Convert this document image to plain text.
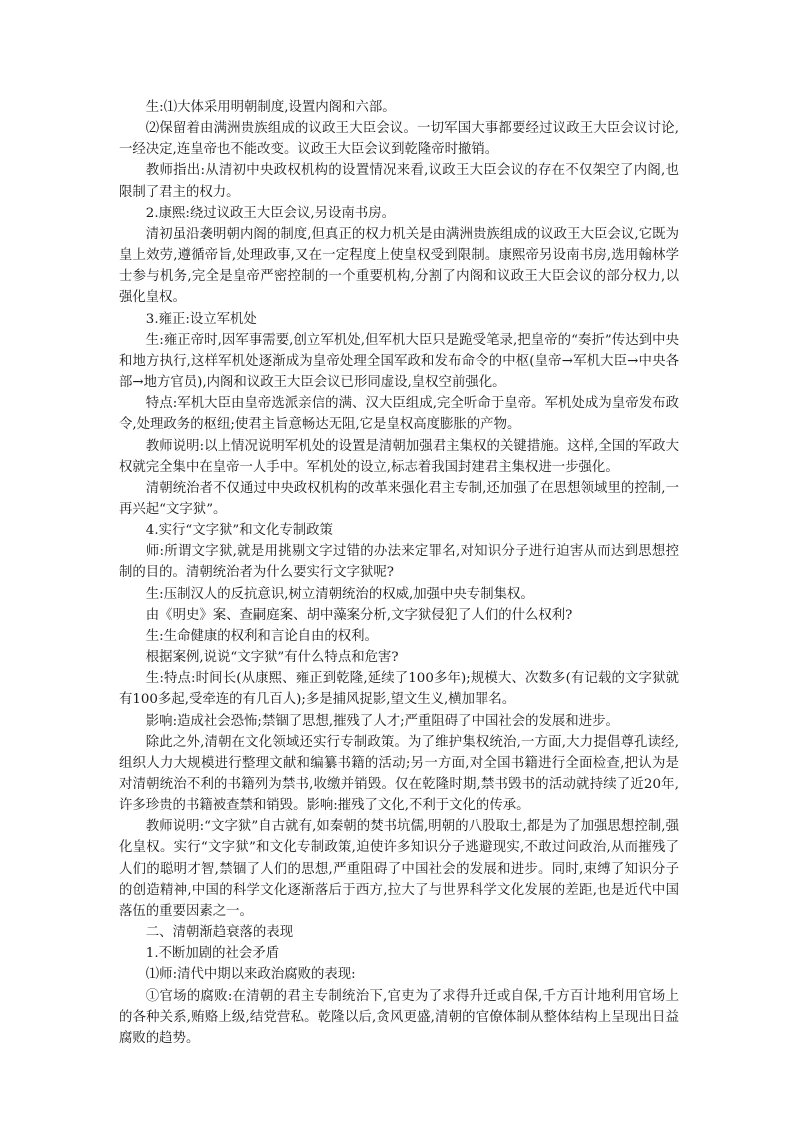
生:⑴大体采用明朝制度,设置内阁和六部。

⑵保留着由满洲贵族组成的议政王大臣会议。一切军国大事都要经过议政王大臣会议讨论,一经决定,连皇帝也不能改变。议政王大臣会议到乾隆帝时撤销。

教师指出:从清初中央政权机构的设置情况来看,议政王大臣会议的存在不仅架空了内阁,也限制了君主的权力。

2.康熙:绕过议政王大臣会议,另设南书房。

清初虽沿袭明朝内阁的制度,但真正的权力机关是由满洲贵族组成的议政王大臣会议,它既为皇上效劳,遵循帝旨,处理政事,又在一定程度上使皇权受到限制。康熙帝另设南书房,选用翰林学士参与机务,完全是皇帝严密控制的一个重要机构,分割了内阁和议政王大臣会议的部分权力,以强化皇权。

3.雍正:设立军机处

生:雍正帝时,因军事需要,创立军机处,但军机大臣只是跪受笔录,把皇帝的“奏折”传达到中央和地方执行,这样军机处逐渐成为皇帝处理全国军政和发布命令的中枢(皇帝→军机大臣→中央各部→地方官员),内阁和议政王大臣会议已形同虚设,皇权空前强化。

特点:军机大臣由皇帝选派亲信的满、汉大臣组成,完全听命于皇帝。军机处成为皇帝发布政令,处理政务的枢纽;使君主旨意畅达无阻,它是皇权高度膨胀的产物。

教师说明:以上情况说明军机处的设置是清朝加强君主集权的关键措施。这样,全国的军政大权就完全集中在皇帝一人手中。军机处的设立,标志着我国封建君主集权进一步强化。

清朝统治者不仅通过中央政权机构的改革来强化君主专制,还加强了在思想领域里的控制,一再兴起“文字狱”。

4.实行“文字狱”和文化专制政策

师:所谓文字狱,就是用挑剔文字过错的办法来定罪名,对知识分子进行迫害从而达到思想控制的目的。清朝统治者为什么要实行文字狱呢?

生:压制汉人的反抗意识,树立清朝统治的权威,加强中央专制集权。

由《明史》案、查嗣庭案、胡中藻案分析,文字狱侵犯了人们的什么权利?

生:生命健康的权利和言论自由的权利。

根据案例,说说“文字狱”有什么特点和危害?

生:特点:时间长(从康熙、雍正到乾隆,延续了100多年);规模大、次数多(有记载的文字狱就有100多起,受牵连的有几百人);多是捕风捉影,望文生义,横加罪名。

影响:造成社会恐怖;禁锢了思想,摧残了人才;严重阻碍了中国社会的发展和进步。

除此之外,清朝在文化领域还实行专制政策。为了维护集权统治,一方面,大力提倡尊孔读经,组织人力大规模进行整理文献和编纂书籍的活动;另一方面,对全国书籍进行全面检查,把认为是对清朝统治不利的书籍列为禁书,收缴并销毁。仅在乾隆时期,禁书毁书的活动就持续了近20年,许多珍贵的书籍被查禁和销毁。影响:摧残了文化,不利于文化的传承。

教师说明:“文字狱”自古就有,如秦朝的焚书坑儒,明朝的八股取士,都是为了加强思想控制,强化皇权。实行“文字狱”和文化专制政策,迫使许多知识分子逃避现实,不敢过问政治,从而摧残了人们的聪明才智,禁锢了人们的思想,严重阻碍了中国社会的发展和进步。同时,束缚了知识分子的创造精神,中国的科学文化逐渐落后于西方,拉大了与世界科学文化发展的差距,也是近代中国落伍的重要因素之一。

二、清朝渐趋衰落的表现

1.不断加剧的社会矛盾

⑴师:清代中期以来政治腐败的表现:

①官场的腐败:在清朝的君主专制统治下,官吏为了求得升迁或自保,千方百计地利用官场上的各种关系,贿赂上级,结党营私。乾隆以后,贪风更盛,清朝的官僚体制从整体结构上呈现出日益腐败的趋势。
